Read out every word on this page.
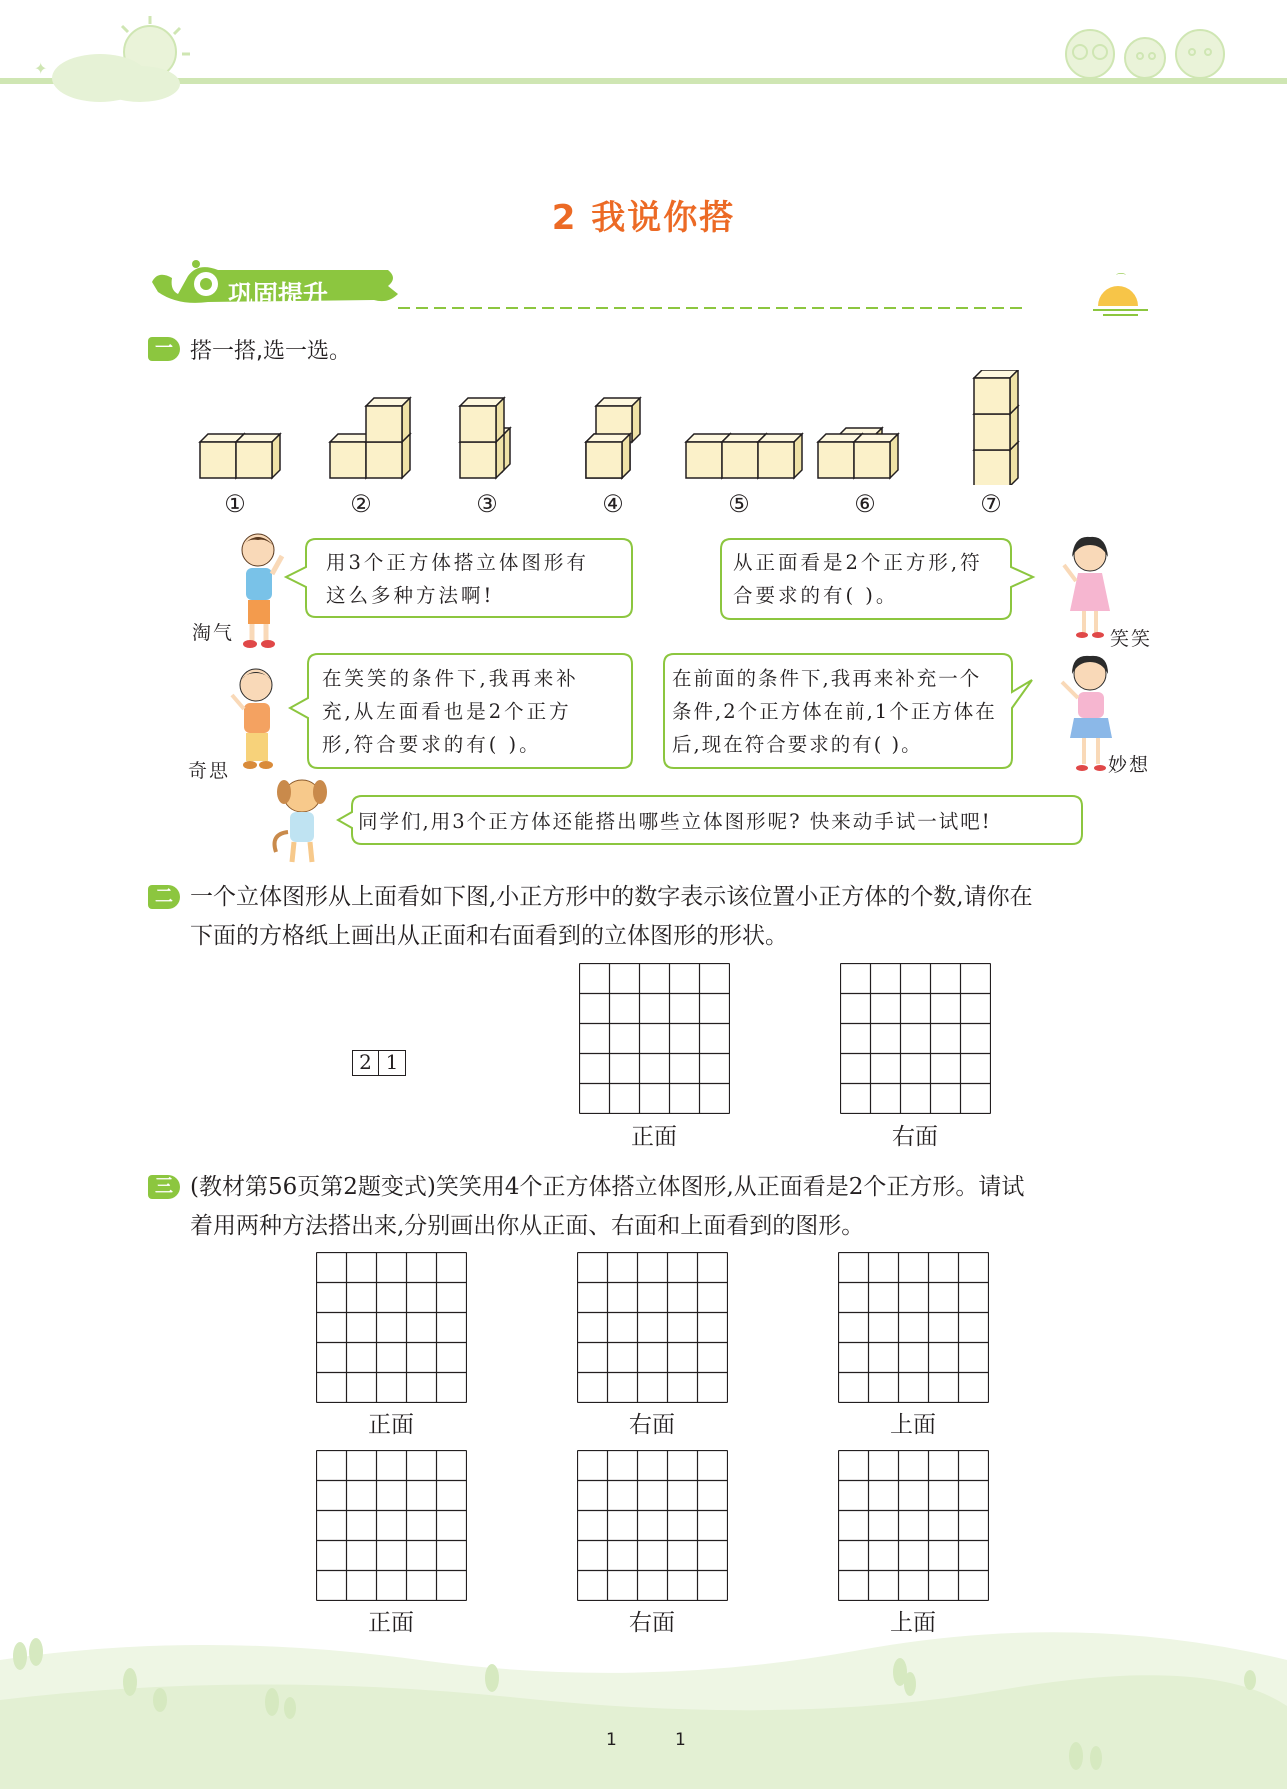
✦
2 我说你搭
⌒
巩固提升
一 搭一搭,选一选。
①	②	③	④	⑤	⑥	⑦
淘气
用3个正方体搭立体图形有
这么多种方法啊!
从正面看是2个正方形,符
合要求的有( )。
笑笑
奇思
在笑笑的条件下,我再来补
充,从左面看也是2个正方
形,符合要求的有( )。
在前面的条件下,我再来补充一个
条件,2个正方体在前,1个正方体在
后,现在符合要求的有( )。
妙想
同学们,用3个正方体还能搭出哪些立体图形呢? 快来动手试一试吧!
二 一个立体图形从上面看如下图,小正方形中的数字表示该位置小正方体的个数,请你在
下面的方格纸上画出从正面和右面看到的立体图形的形状。
2 1
正面	右面
三 (教材第56页第2题变式)笑笑用4个正方体搭立体图形,从正面看是2个正方形。请试
着用两种方法搭出来,分别画出你从正面、右面和上面看到的图形。
正面	右面	上面
正面	右面	上面
1	1
